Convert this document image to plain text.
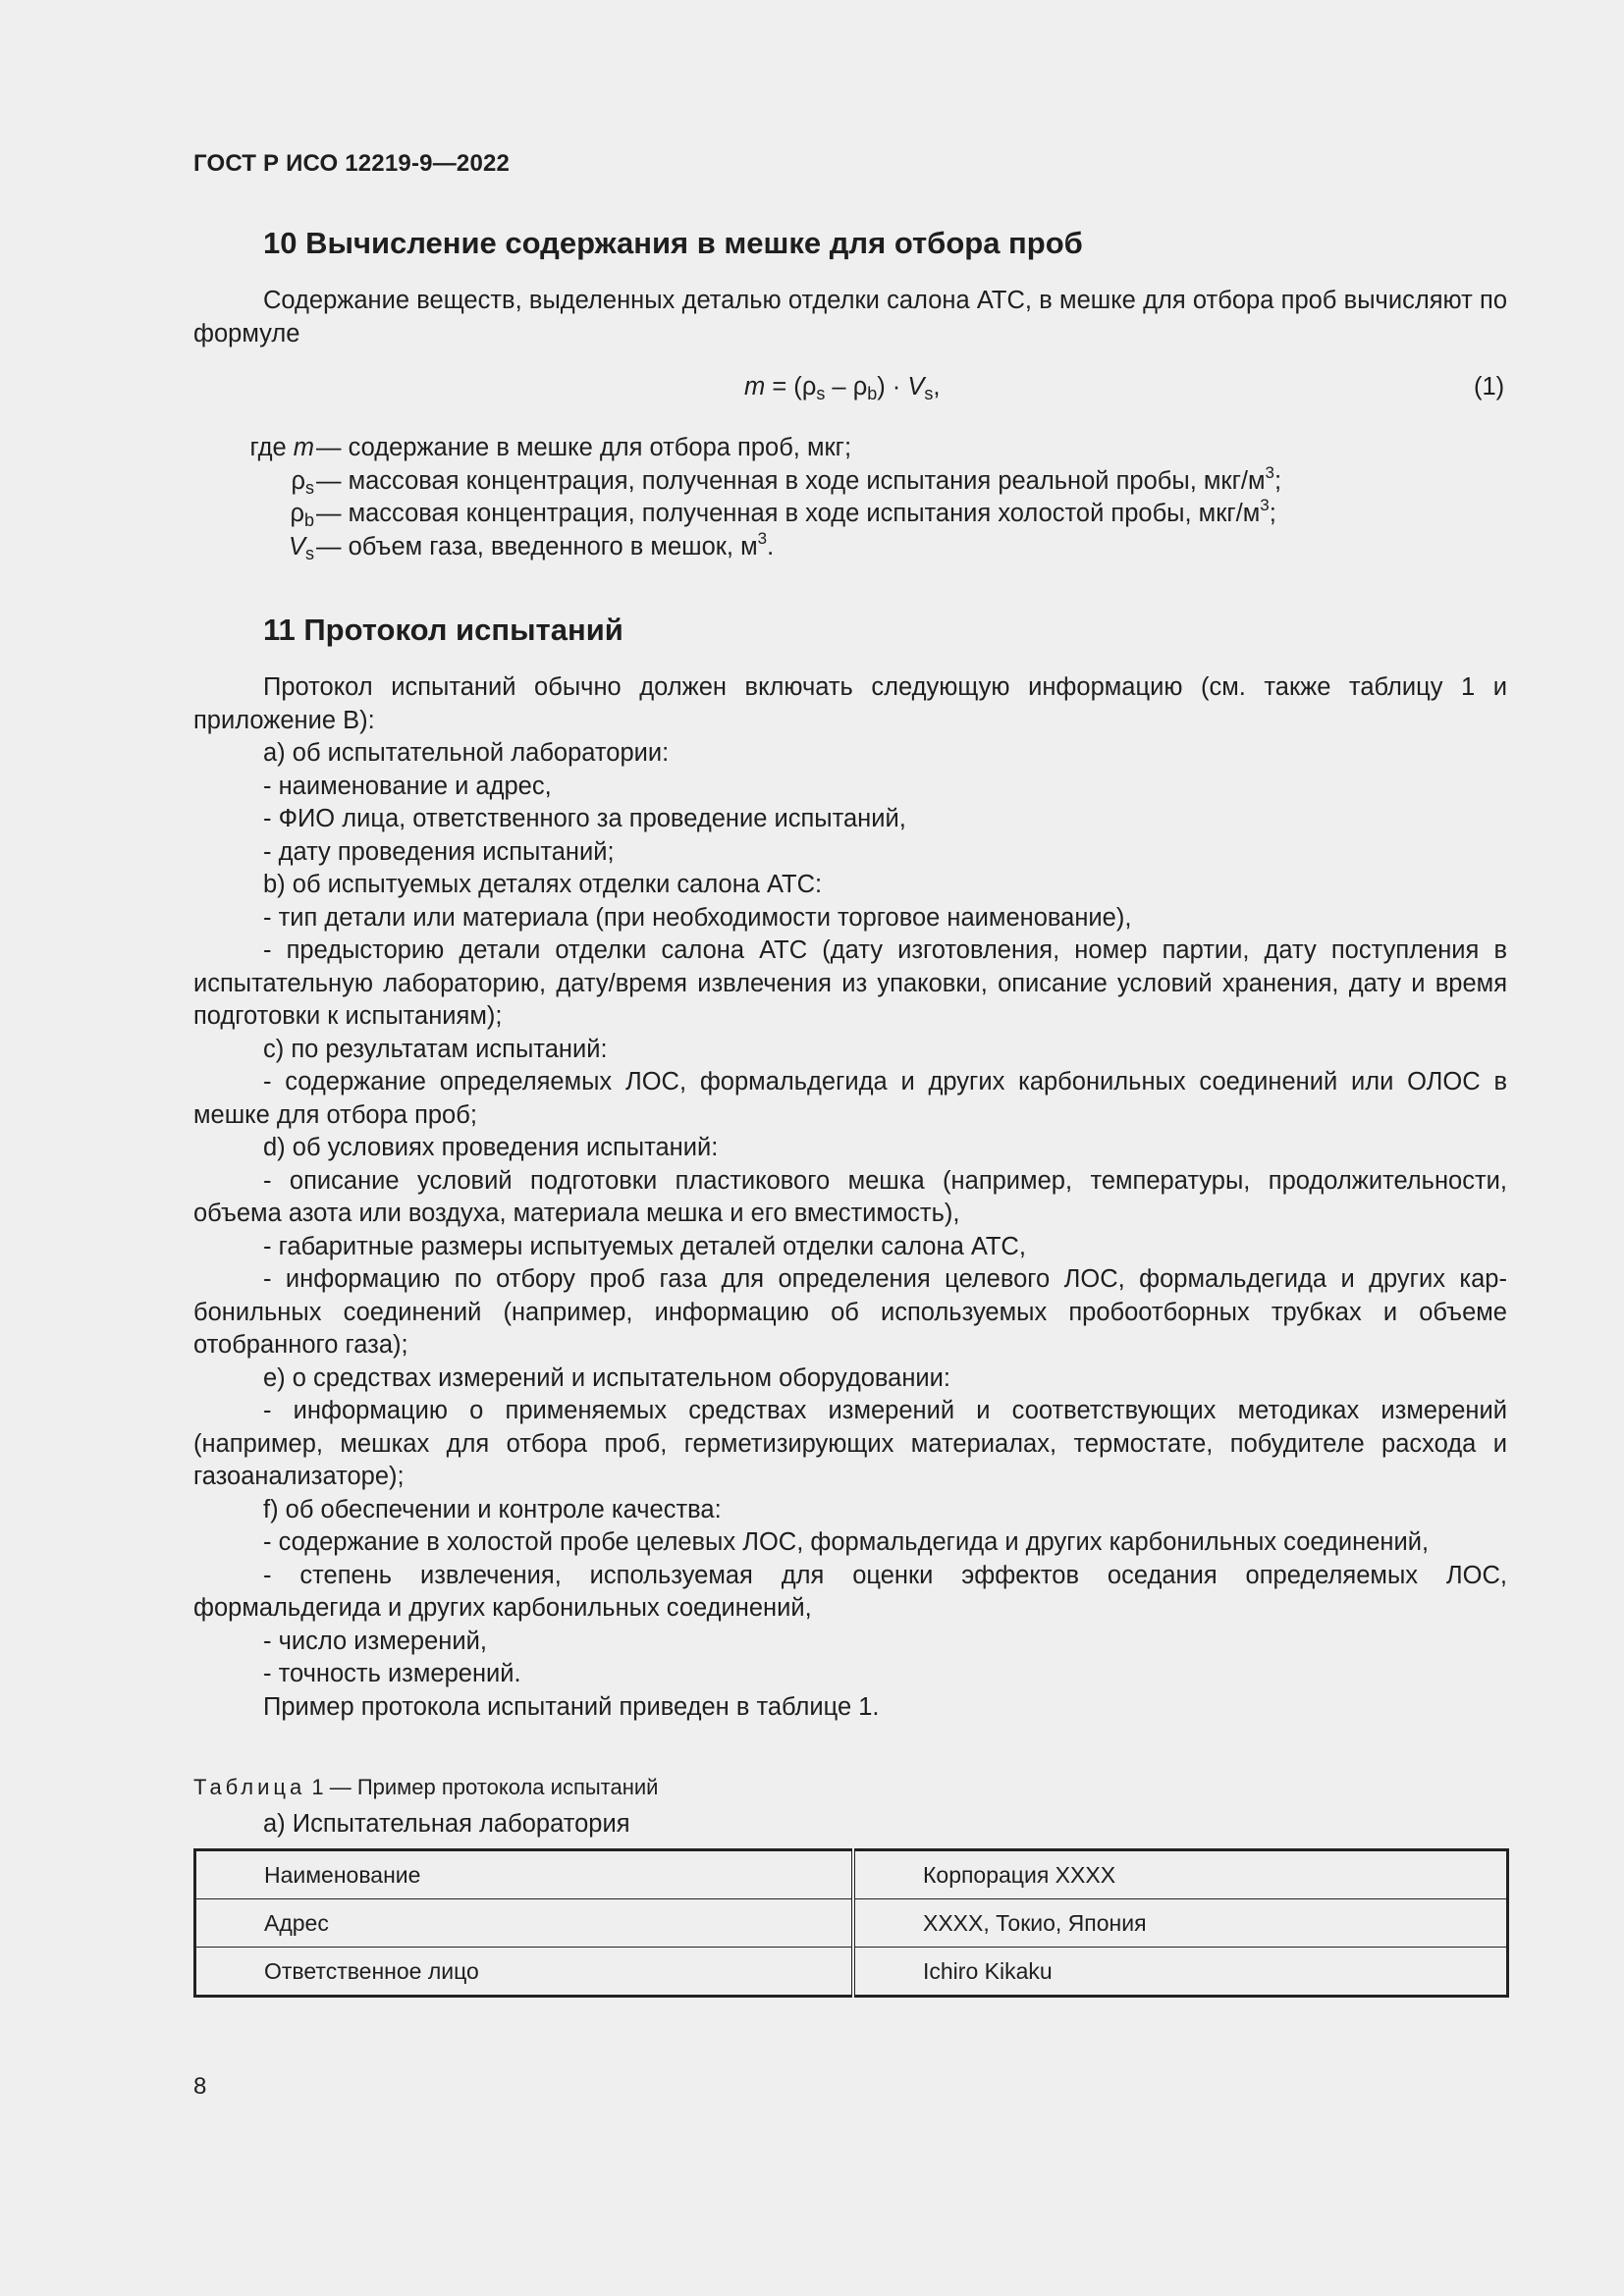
ГОСТ Р ИСО 12219-9—2022
10 Вычисление содержания в мешке для отбора проб

Содержание веществ, выделенных деталью отделки салона АТС, в мешке для отбора проб вычисляют по формуле

$m = (\rho_s - \rho_b) \cdot V_s$,	(1)
где m — содержание в мешке для отбора проб, мкг;
$\rho_s$ — массовая концентрация, полученная в ходе испытания реальной пробы, мкг/$м^3$;
$\rho_b$ — массовая концентрация, полученная в ходе испытания холостой пробы, мкг/$м^3$;
$V_s$ — объем газа, введенного в мешок, $м^3$.
11 Протокол испытаний

Протокол испытаний обычно должен включать следующую информацию (см. также таблицу 1 и приложение В):

a) об испытательной лаборатории:

- наименование и адрес,

- ФИО лица, ответственного за проведение испытаний,

- дату проведения испытаний;

b) об испытуемых деталях отделки салона АТС:

- тип детали или материала (при необходимости торговое наименование),

- предысторию детали отделки салона АТС (дату изготовления, номер партии, дату поступления в испытательную лабораторию, дату/время извлечения из упаковки, описание условий хранения, дату и время подготовки к испытаниям);

c) по результатам испытаний:

- содержание определяемых ЛОС, формальдегида и других карбонильных соединений или ОЛОС в мешке для отбора проб;

d) об условиях проведения испытаний:

- описание условий подготовки пластикового мешка (например, температуры, продолжительности, объема азота или воздуха, материала мешка и его вместимость),

- габаритные размеры испытуемых деталей отделки салона АТС,

- информацию по отбору проб газа для определения целевого ЛОС, формальдегида и других карбонильных соединений (например, информацию об используемых пробоотборных трубках и объеме отобранного газа);

e) о средствах измерений и испытательном оборудовании:

- информацию о применяемых средствах измерений и соответствующих методиках измерений (например, мешках для отбора проб, герметизирующих материалах, термостате, побудителе расхода и газоанализаторе);

f) об обеспечении и контроле качества:

- содержание в холостой пробе целевых ЛОС, формальдегида и других карбонильных соединений,

- степень извлечения, используемая для оценки эффектов оседания определяемых ЛОС, формальдегида и других карбонильных соединений,

- число измерений,

- точность измерений.

Пример протокола испытаний приведен в таблице 1.

Таблица 1 — Пример протокола испытаний
a) Испытательная лаборатория
Наименование	Корпорация ХХХХ
Адрес	ХХХХ, Токио, Япония
Ответственное лицо	Ichiro Kikaku
8
